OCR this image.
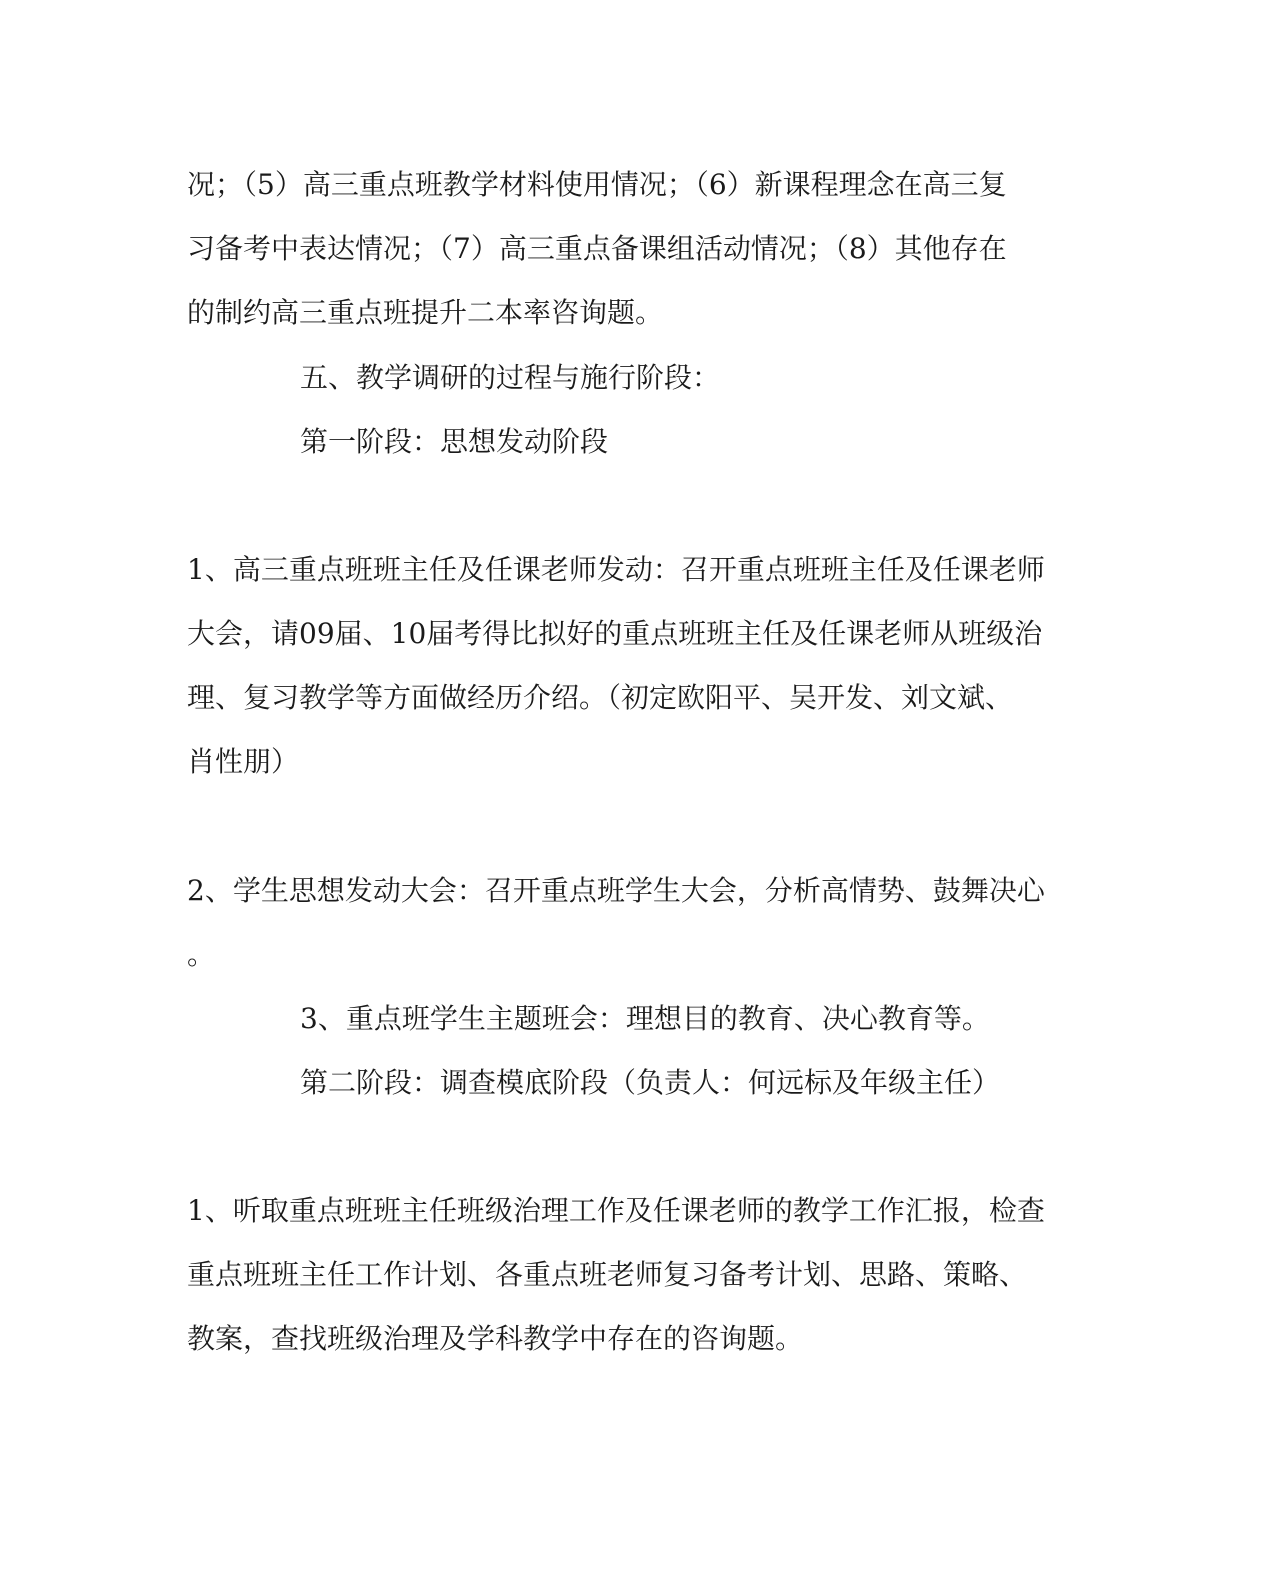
况；（5）高三重点班教学材料使用情况；（6）新课程理念在高三复

习备考中表达情况；（7）高三重点备课组活动情况；（8）其他存在

的制约高三重点班提升二本率咨询题。

五、教学调研的过程与施行阶段：

第一阶段：思想发动阶段

1、高三重点班班主任及任课老师发动：召开重点班班主任及任课老师

大会，请09届、10届考得比拟好的重点班班主任及任课老师从班级治

理、复习教学等方面做经历介绍。（初定欧阳平、吴开发、刘文斌、

肖性朋）

2、学生思想发动大会：召开重点班学生大会，分析高情势、鼓舞决心

。

3、重点班学生主题班会：理想目的教育、决心教育等。

第二阶段：调查模底阶段（负责人：何远标及年级主任）

1、听取重点班班主任班级治理工作及任课老师的教学工作汇报，检查

重点班班主任工作计划、各重点班老师复习备考计划、思路、策略、

教案，查找班级治理及学科教学中存在的咨询题。
